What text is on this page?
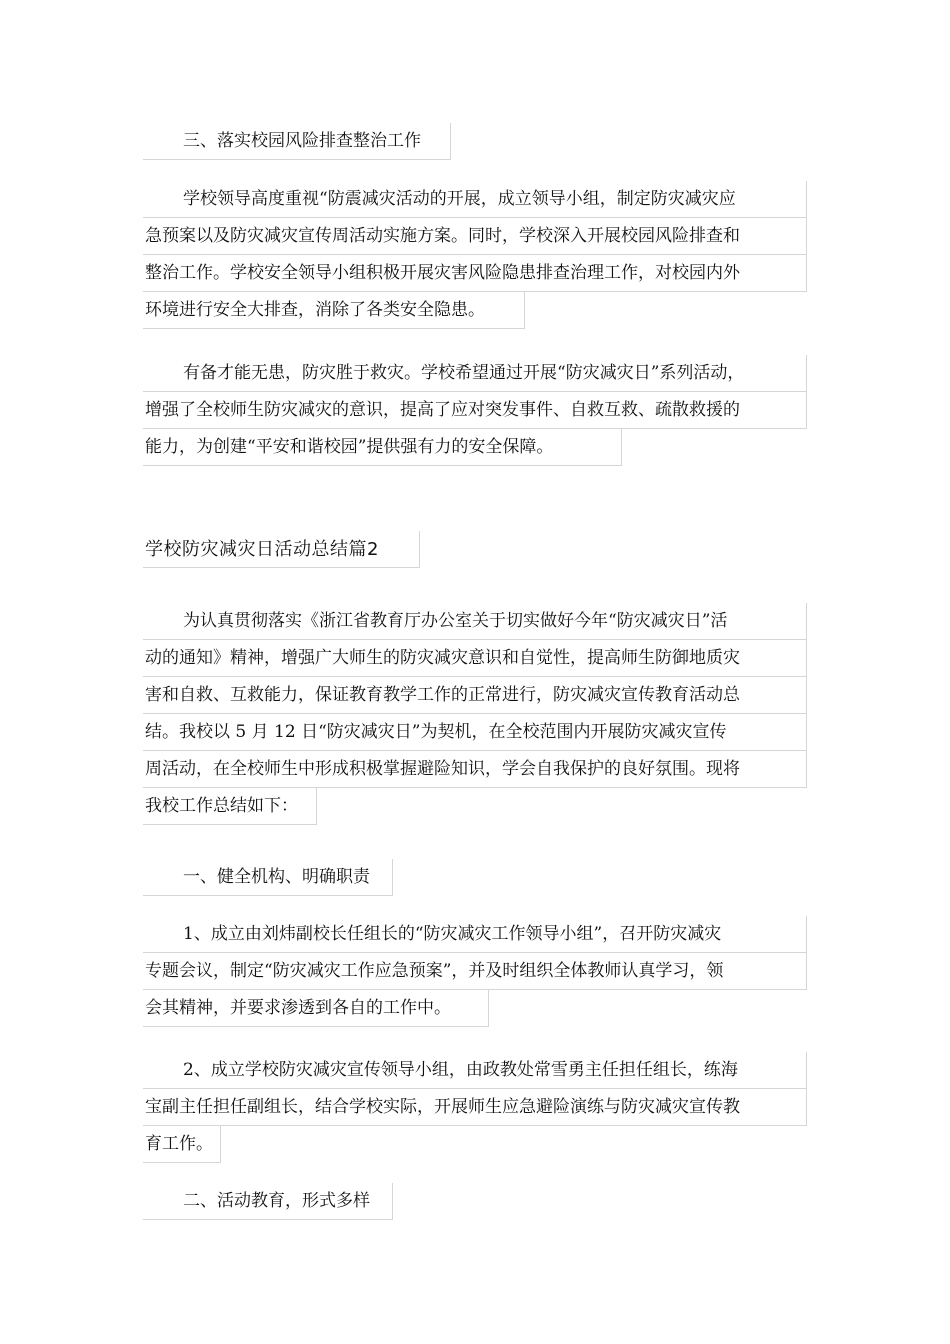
三、落实校园风险排查整治工作
学校领导高度重视“防震减灾活动的开展，成立领导小组，制定防灾减灾应
急预案以及防灾减灾宣传周活动实施方案。同时，学校深入开展校园风险排查和
整治工作。学校安全领导小组积极开展灾害风险隐患排查治理工作，对校园内外
环境进行安全大排查，消除了各类安全隐患。
有备才能无患，防灾胜于救灾。学校希望通过开展“防灾减灾日”系列活动，
增强了全校师生防灾减灾的意识，提高了应对突发事件、自救互救、疏散救援的
能力，为创建“平安和谐校园”提供强有力的安全保障。
学校防灾减灾日活动总结篇2
为认真贯彻落实《浙江省教育厅办公室关于切实做好今年“防灾减灾日”活
动的通知》精神，增强广大师生的防灾减灾意识和自觉性，提高师生防御地质灾
害和自救、互救能力，保证教育教学工作的正常进行，防灾减灾宣传教育活动总
结。我校以 5 月 12 日“防灾减灾日”为契机，在全校范围内开展防灾减灾宣传
周活动，在全校师生中形成积极掌握避险知识，学会自我保护的良好氛围。现将
我校工作总结如下：
一、健全机构、明确职责
1、成立由刘炜副校长任组长的“防灾减灾工作领导小组”，召开防灾减灾
专题会议，制定“防灾减灾工作应急预案”，并及时组织全体教师认真学习，领
会其精神，并要求渗透到各自的工作中。
2、成立学校防灾减灾宣传领导小组，由政教处常雪勇主任担任组长，练海
宝副主任担任副组长，结合学校实际，开展师生应急避险演练与防灾减灾宣传教
育工作。
二、活动教育，形式多样
